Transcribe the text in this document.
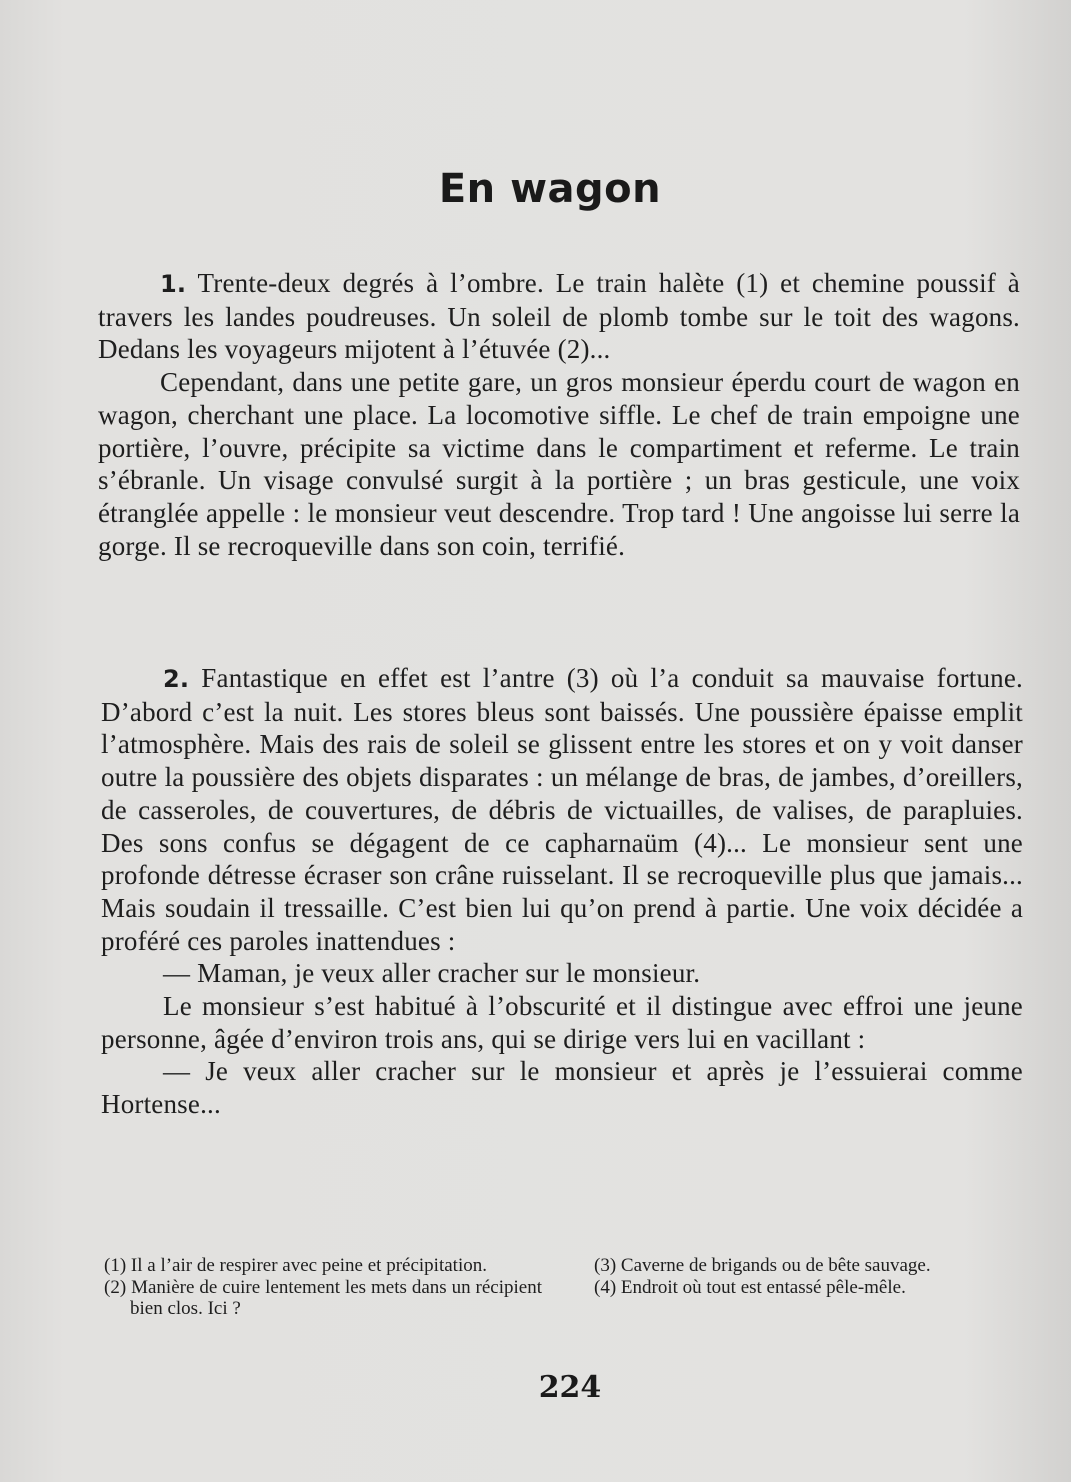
En wagon

1. Trente-deux degrés à l’ombre. Le train halète (1) et chemine poussif à travers les landes poudreuses. Un soleil de plomb tombe sur le toit des wagons. Dedans les voyageurs mijotent à l’étuvée (2)...

Cependant, dans une petite gare, un gros monsieur éperdu court de wagon en wagon, cherchant une place. La locomotive siffle. Le chef de train empoigne une portière, l’ouvre, précipite sa victime dans le compartiment et referme. Le train s’ébranle. Un visage convulsé surgit à la portière ; un bras gesticule, une voix étranglée appelle : le monsieur veut descendre. Trop tard ! Une angoisse lui serre la gorge. Il se recroqueville dans son coin, terrifié.

2. Fantastique en effet est l’antre (3) où l’a conduit sa mauvaise fortune. D’abord c’est la nuit. Les stores bleus sont baissés. Une poussière épaisse emplit l’atmosphère. Mais des rais de soleil se glissent entre les stores et on y voit danser outre la poussière des objets disparates : un mélange de bras, de jambes, d’oreillers, de casseroles, de couvertures, de débris de victuailles, de valises, de parapluies. Des sons confus se dégagent de ce capharnaüm (4)... Le monsieur sent une profonde détresse écraser son crâne ruisselant. Il se recroqueville plus que jamais... Mais soudain il tressaille. C’est bien lui qu’on prend à partie. Une voix décidée a proféré ces paroles inattendues :

— Maman, je veux aller cracher sur le monsieur.

Le monsieur s’est habitué à l’obscurité et il distingue avec effroi une jeune personne, âgée d’environ trois ans, qui se dirige vers lui en vacillant :

— Je veux aller cracher sur le monsieur et après je l’essuierai comme Hortense...

(1) Il a l’air de respirer avec peine et précipitation.

(2) Manière de cuire lentement les mets dans un récipient bien clos. Ici ?

(3) Caverne de brigands ou de bête sauvage.

(4) Endroit où tout est entassé pêle-mêle.

224
